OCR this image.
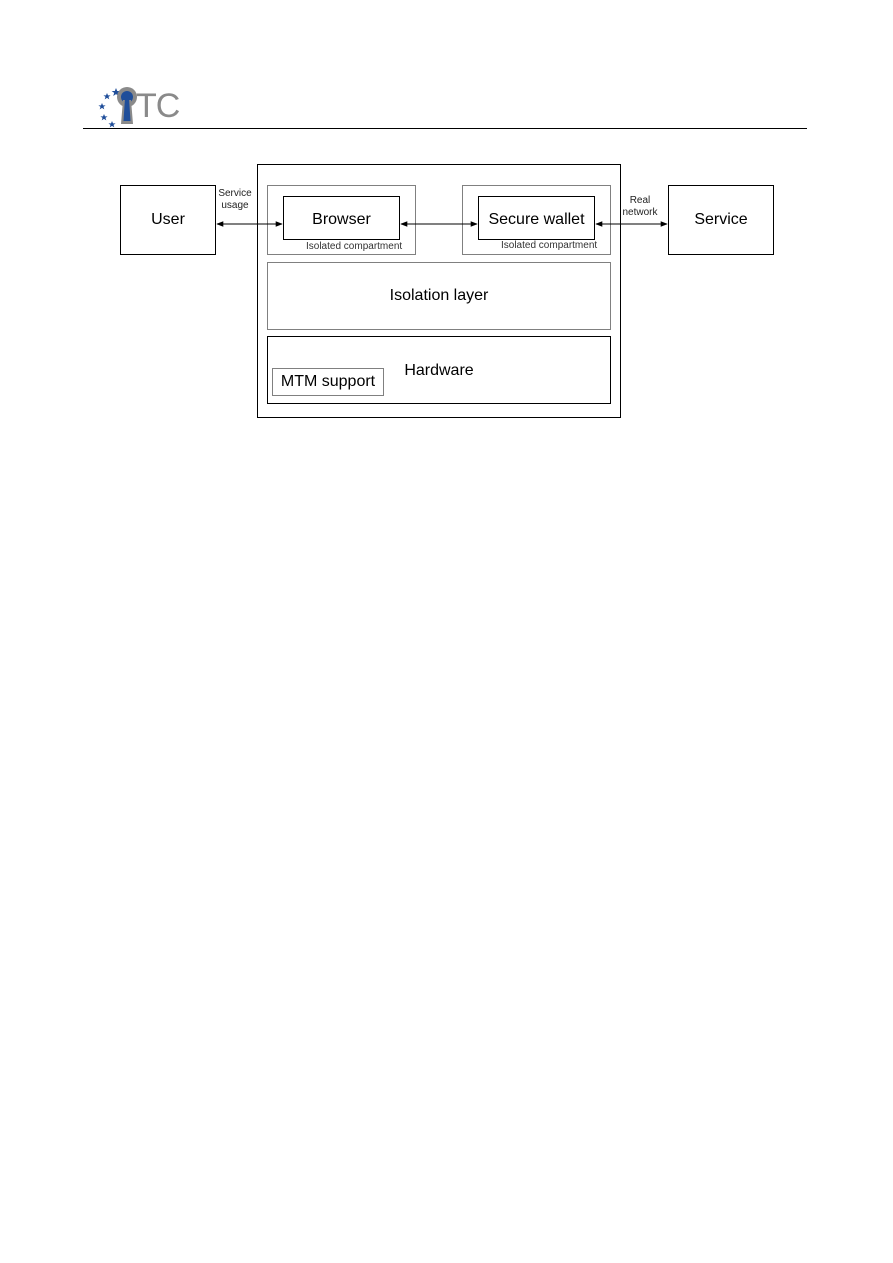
TC
User	Service
Isolated compartment
Browser
Isolated compartment
Secure wallet
Isolation layer
Hardware
MTM support
Service
usage	Real
network
